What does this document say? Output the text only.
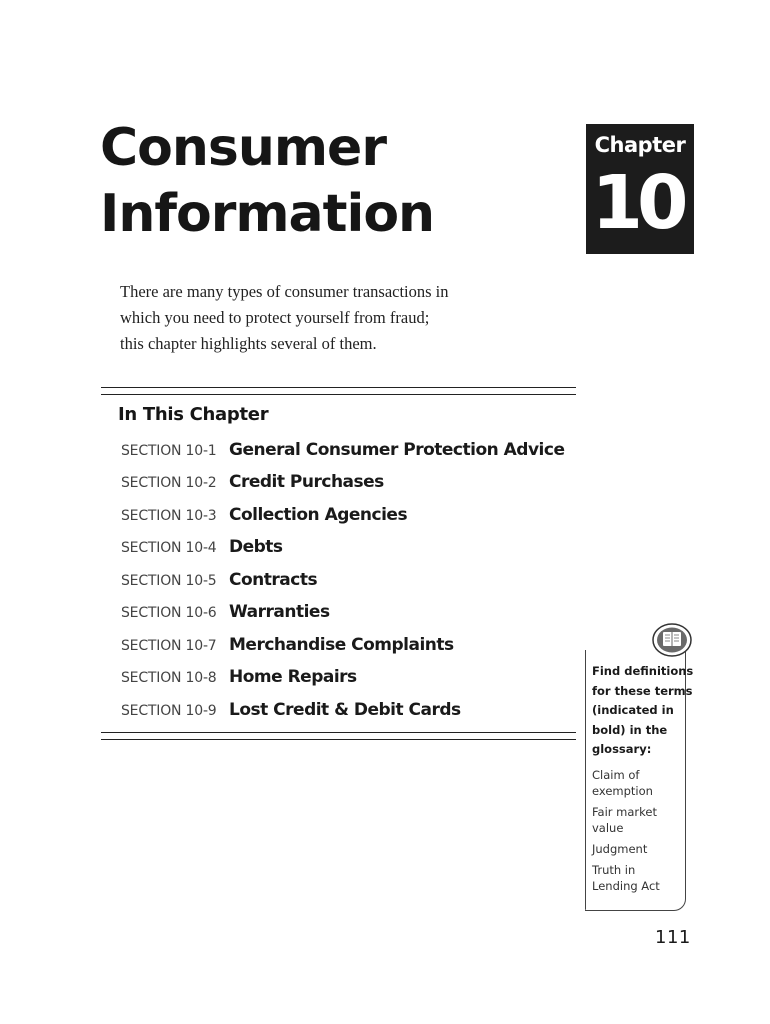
Consumer
Information
Chapter
10
There are many types of consumer transactions in
which you need to protect yourself from fraud;
this chapter highlights several of them.
In This Chapter
SECTION 10-1 General Consumer Protection Advice
SECTION 10-2 Credit Purchases
SECTION 10-3 Collection Agencies
SECTION 10-4 Debts
SECTION 10-5 Contracts
SECTION 10-6 Warranties
SECTION 10-7 Merchandise Complaints
SECTION 10-8 Home Repairs
SECTION 10-9 Lost Credit & Debit Cards
Find definitions
for these terms
(indicated in
bold) in the
glossary:
Claim of
exemption
Fair market
value
Judgment
Truth in
Lending Act
111
